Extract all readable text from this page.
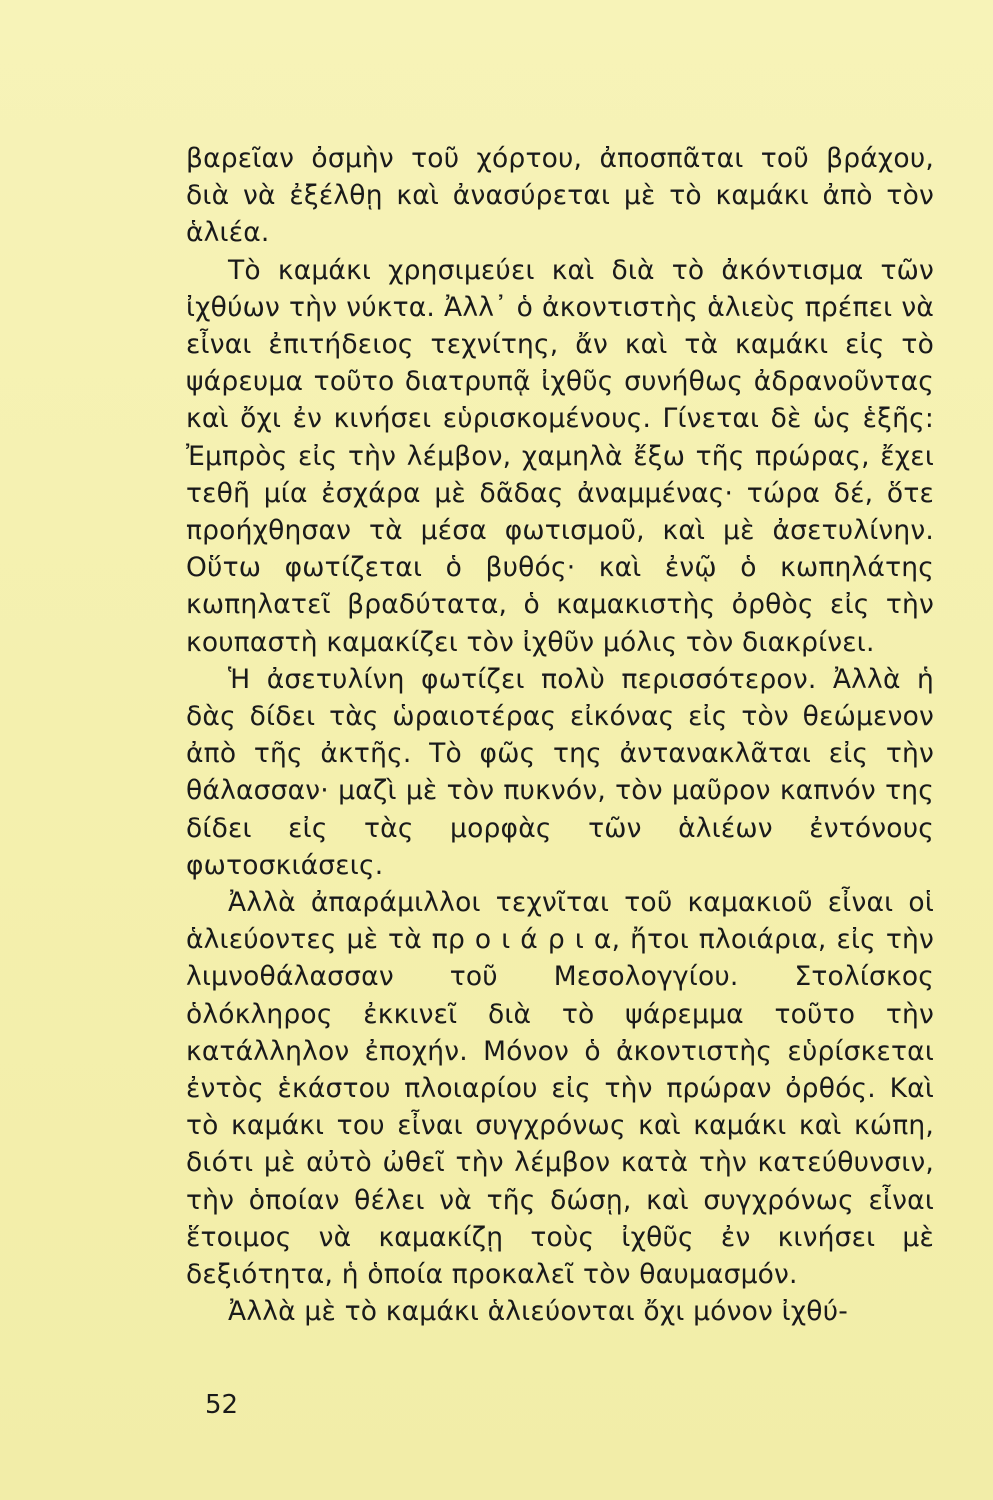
βαρεῖαν ὀσμὴν τοῦ χόρτου, ἀποσπᾶται τοῦ βράχου, διὰ νὰ ἐξέλθῃ καὶ ἀνασύρεται μὲ τὸ καμάκι ἀπὸ τὸν ἁλιέα.

Τὸ καμάκι χρησιμεύει καὶ διὰ τὸ ἀκόντισμα τῶν ἰχθύων τὴν νύκτα. Ἀλλ᾽ ὁ ἀκοντιστὴς ἁλιεὺς πρέπει νὰ εἶναι ἐπιτήδειος τεχνίτης, ἄν καὶ τὰ καμάκι εἰς τὸ ψάρευμα τοῦτο διατρυπᾷ ἰχθῦς συνήθως ἀδρανοῦντας καὶ ὄχι ἐν κινήσει εὑρισκομένους. Γίνεται δὲ ὡς ἑξῆς: Ἐμπρὸς εἰς τὴν λέμβον, χαμηλὰ ἔξω τῆς πρώρας, ἔχει τεθῆ μία ἐσχάρα μὲ δᾶδας ἀναμμένας· τώρα δέ, ὅτε προήχθησαν τὰ μέσα φωτισμοῦ, καὶ μὲ ἀσετυλίνην. Οὕτω φωτίζεται ὁ βυθός· καὶ ἐνῷ ὁ κωπηλάτης κωπηλατεῖ βραδύτατα, ὁ καμακιστὴς ὀρθὸς εἰς τὴν κουπαστὴ καμακίζει τὸν ἰχθῦν μόλις τὸν διακρίνει.

Ἡ ἀσετυλίνη φωτίζει πολὺ περισσότερον. Ἀλλὰ ἡ δὰς δίδει τὰς ὡραιοτέρας εἰκόνας εἰς τὸν θεώμενον ἀπὸ τῆς ἀκτῆς. Τὸ φῶς της ἀντανακλᾶται εἰς τὴν θάλασσαν· μαζὶ μὲ τὸν πυκνόν, τὸν μαῦρον καπνόν της δίδει εἰς τὰς μορφὰς τῶν ἁλιέων ἐντόνους φωτοσκιάσεις.

Ἀλλὰ ἀπαράμιλλοι τεχνῖται τοῦ καμακιοῦ εἶναι οἱ ἁλιεύοντες μὲ τὰ πρ ο ι ά ρ ι α, ἤτοι πλοιάρια, εἰς τὴν λιμνοθάλασσαν τοῦ Μεσολογγίου. Στολίσκος ὁλόκληρος ἐκκινεῖ διὰ τὸ ψάρεμμα τοῦτο τὴν κατάλληλον ἐποχήν. Μόνον ὁ ἀκοντιστὴς εὑρίσκεται ἐντὸς ἑκάστου πλοιαρίου εἰς τὴν πρώραν ὀρθός. Καὶ τὸ καμάκι του εἶναι συγχρόνως καὶ καμάκι καὶ κώπη, διότι μὲ αὐτὸ ὠθεῖ τὴν λέμβον κατὰ τὴν κατεύθυνσιν, τὴν ὁποίαν θέλει νὰ τῆς δώσῃ, καὶ συγχρόνως εἶναι ἕτοιμος νὰ καμακίζῃ τοὺς ἰχθῦς ἐν κινήσει μὲ δεξιότητα, ἡ ὁποία προκαλεῖ τὸν θαυμασμόν.

Ἀλλὰ μὲ τὸ καμάκι ἁλιεύονται ὄχι μόνον ἰχθύ-

52
